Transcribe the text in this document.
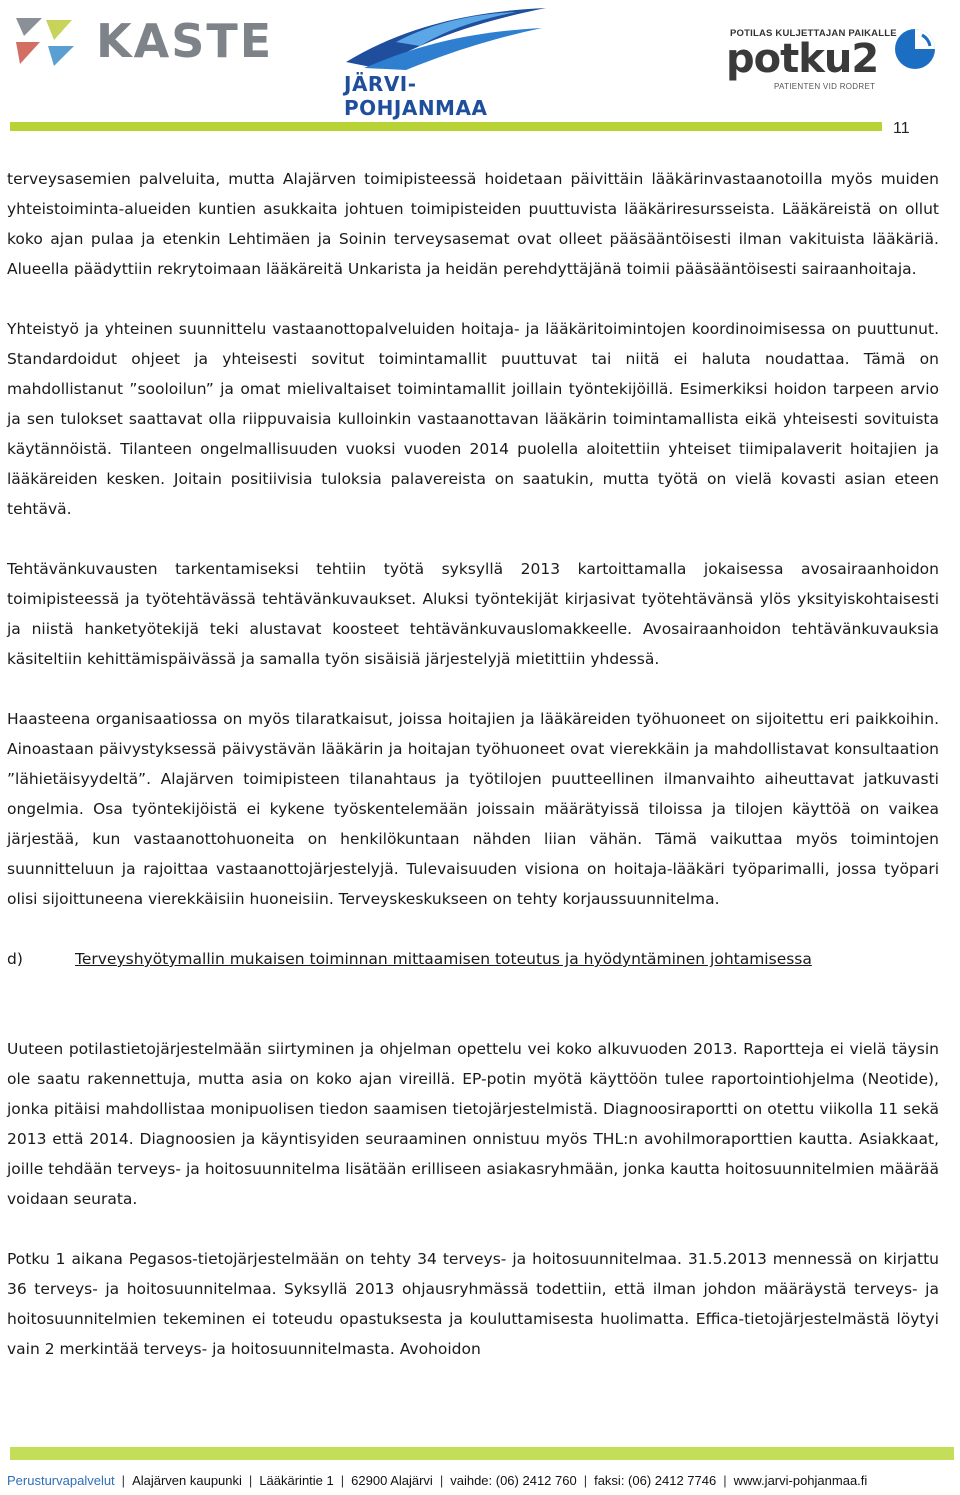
KASTE
JÄRVI-POHJANMAA
POTILAS KULJETTAJAN PAIKALLE
potku2
PATIENTEN VID RODRET
11

terveysasemien palveluita, mutta Alajärven toimipisteessä hoidetaan päivittäin lääkärinvastaanotoilla myös muiden yhteistoiminta-alueiden kuntien asukkaita johtuen toimipisteiden puuttuvista lääkäriresursseista. Lääkäreistä on ollut koko ajan pulaa ja etenkin Lehtimäen ja Soinin terveysasemat ovat olleet pääsääntöisesti ilman vakituista lääkäriä. Alueella päädyttiin rekrytoimaan lääkäreitä Unkarista ja heidän perehdyttäjänä toimii pääsääntöisesti sairaanhoitaja.

Yhteistyö ja yhteinen suunnittelu vastaanottopalveluiden hoitaja- ja lääkäritoimintojen koordinoimisessa on puuttunut. Standardoidut ohjeet ja yhteisesti sovitut toimintamallit puuttuvat tai niitä ei haluta noudattaa. Tämä on mahdollistanut ”sooloilun” ja omat mielivaltaiset toimintamallit joillain työntekijöillä. Esimerkiksi hoidon tarpeen arvio ja sen tulokset saattavat olla riippuvaisia kulloinkin vastaanottavan lääkärin toimintamallista eikä yhteisesti sovituista käytännöistä. Tilanteen ongelmallisuuden vuoksi vuoden 2014 puolella aloitettiin yhteiset tiimipalaverit hoitajien ja lääkäreiden kesken. Joitain positiivisia tuloksia palavereista on saatukin, mutta työtä on vielä kovasti asian eteen tehtävä.

Tehtävänkuvausten tarkentamiseksi tehtiin työtä syksyllä 2013 kartoittamalla jokaisessa avosairaanhoidon toimipisteessä ja työtehtävässä tehtävänkuvaukset. Aluksi työntekijät kirjasivat työtehtävänsä ylös yksityiskohtaisesti ja niistä hanketyötekijä teki alustavat koosteet tehtävänkuvauslomakkeelle. Avosairaanhoidon tehtävänkuvauksia käsiteltiin kehittämispäivässä ja samalla työn sisäisiä järjestelyjä mietittiin yhdessä.

Haasteena organisaatiossa on myös tilaratkaisut, joissa hoitajien ja lääkäreiden työhuoneet on sijoitettu eri paikkoihin. Ainoastaan päivystyksessä päivystävän lääkärin ja hoitajan työhuoneet ovat vierekkäin ja mahdollistavat konsultaation ”lähietäisyydeltä”. Alajärven toimipisteen tilanahtaus ja työtilojen puutteellinen ilmanvaihto aiheuttavat jatkuvasti ongelmia. Osa työntekijöistä ei kykene työskentelemään joissain määrätyissä tiloissa ja tilojen käyttöä on vaikea järjestää, kun vastaanottohuoneita on henkilökuntaan nähden liian vähän. Tämä vaikuttaa myös toimintojen suunnitteluun ja rajoittaa vastaanottojärjestelyjä. Tulevaisuuden visiona on hoitaja-lääkäri työparimalli, jossa työpari olisi sijoittuneena vierekkäisiin huoneisiin. Terveyskeskukseen on tehty korjaussuunnitelma.

d)	Terveyshyötymallin mukaisen toiminnan mittaamisen toteutus ja hyödyntäminen johtamisessa

Uuteen potilastietojärjestelmään siirtyminen ja ohjelman opettelu vei koko alkuvuoden 2013. Raportteja ei vielä täysin ole saatu rakennettuja, mutta asia on koko ajan vireillä. EP-potin myötä käyttöön tulee raportointiohjelma (Neotide), jonka pitäisi mahdollistaa monipuolisen tiedon saamisen tietojärjestelmistä. Diagnoosiraportti on otettu viikolla 11 sekä 2013 että 2014. Diagnoosien ja käyntisyiden seuraaminen onnistuu myös THL:n avohilmoraporttien kautta. Asiakkaat, joille tehdään terveys- ja hoitosuunnitelma lisätään erilliseen asiakasryhmään, jonka kautta hoitosuunnitelmien määrää voidaan seurata.

Potku 1 aikana Pegasos-tietojärjestelmään on tehty 34 terveys- ja hoitosuunnitelmaa. 31.5.2013 mennessä on kirjattu 36 terveys- ja hoitosuunnitelmaa. Syksyllä 2013 ohjausryhmässä todettiin, että ilman johdon määräystä terveys- ja hoitosuunnitelmien tekeminen ei toteudu opastuksesta ja kouluttamisesta huolimatta. Effica-tietojärjestelmästä löytyi vain 2 merkintää terveys- ja hoitosuunnitelmasta. Avohoidon

Perusturvapalvelut | Alajärven kaupunki | Lääkärintie 1 | 62900 Alajärvi | vaihde: (06) 2412 760 | faksi: (06) 2412 7746 | www.jarvi-pohjanmaa.fi
